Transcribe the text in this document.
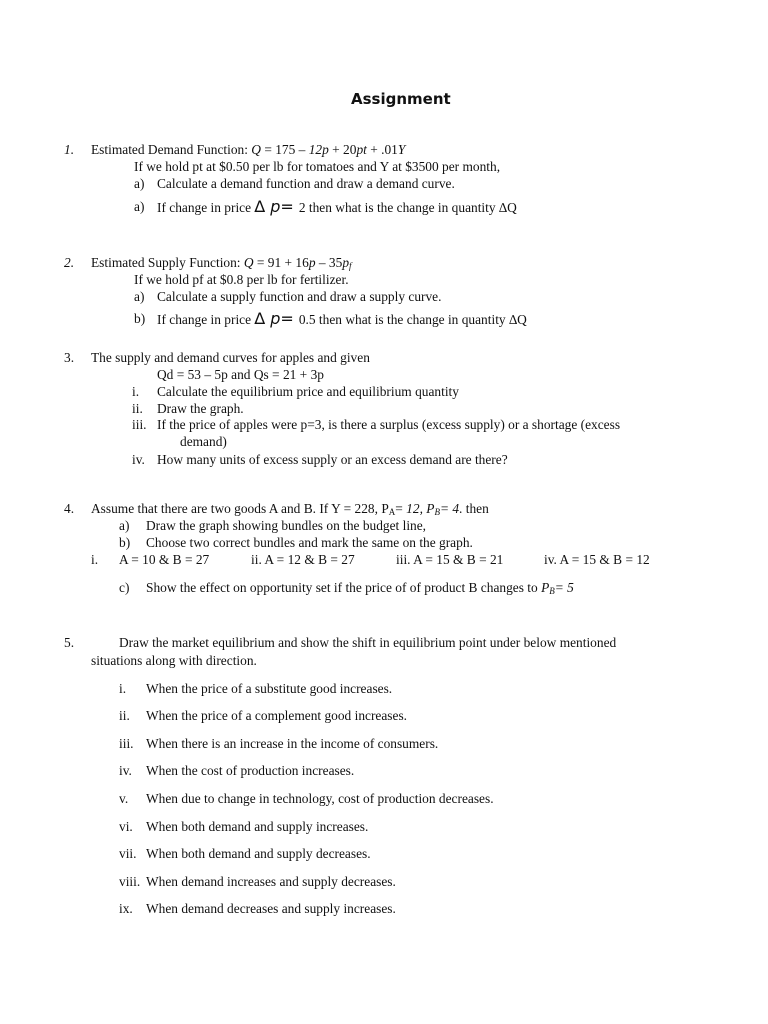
Assignment
1. Estimated Demand Function: Q = 175 – 12p + 20pt + .01Y
If we hold pt at $0.50 per lb for tomatoes and Y at $3500 per month,
a) Calculate a demand function and draw a demand curve.
a) If change in price ∆ p= 2 then what is the change in quantity ∆Q
2. Estimated Supply Function: $Q = 91 + 16p - 35p_f$
If we hold pf at $0.8 per lb for fertilizer.
a) Calculate a supply function and draw a supply curve.
b) If change in price ∆ p= 0.5 then what is the change in quantity ∆Q
3. The supply and demand curves for apples and given
Qd = 53 – 5p and Qs = 21 + 3p
i. Calculate the equilibrium price and equilibrium quantity
ii. Draw the graph.
iii. If the price of apples were p=3, is there a surplus (excess supply) or a shortage (excess
demand)
iv. How many units of excess supply or an excess demand are there?
4. Assume that there are two goods A and B. If Y = 228, $P_A= 12$, $P_B= 4$. then
a) Draw the graph showing bundles on the budget line,
b) Choose two correct bundles and mark the same on the graph.
i. A = 10 & B = 27	ii. A = 12 & B = 27	iii. A = 15 & B = 21	iv. A = 15 & B = 12
c) Show the effect on opportunity set if the price of of product B changes to $P_B= 5$
5.	Draw the market equilibrium and show the shift in equilibrium point under below mentioned
situations along with direction.
i. When the price of a substitute good increases.
ii. When the price of a complement good increases.
iii. When there is an increase in the income of consumers.
iv. When the cost of production increases.
v. When due to change in technology, cost of production decreases.
vi. When both demand and supply increases.
vii. When both demand and supply decreases.
viii. When demand increases and supply decreases.
ix. When demand decreases and supply increases.
